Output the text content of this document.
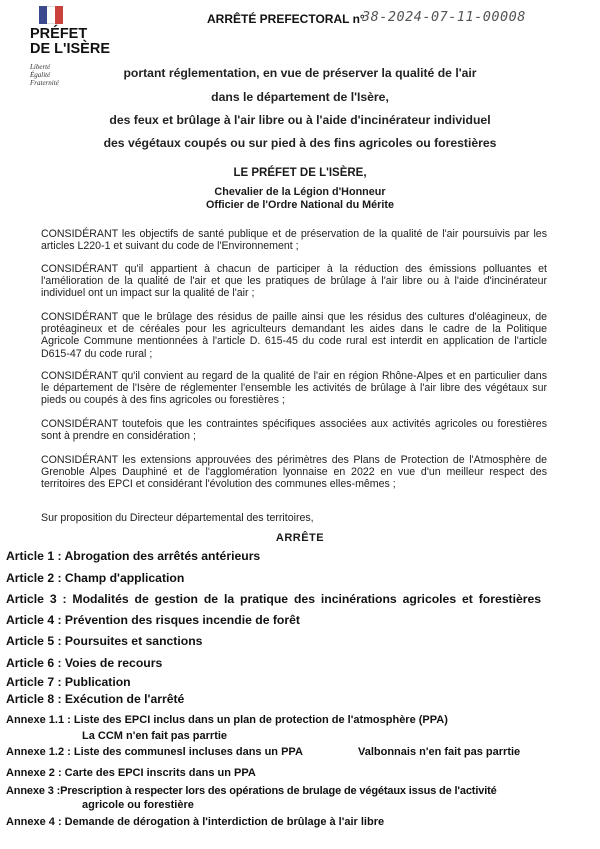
PRÉFET
DE L'ISÈRE
Liberté
Égalité
Fraternité
ARRÊTÉ PREFECTORAL n°
38-2024-07-11-00008
portant réglementation, en vue de préserver la qualité de l'air
dans le département de l'Isère,
des feux et brûlage à l'air libre ou à l'aide d'incinérateur individuel
des végétaux coupés ou sur pied à des fins agricoles ou forestières
LE PRÉFET DE L'ISÈRE,
Chevalier de la Légion d'Honneur
Officier de l'Ordre National du Mérite
CONSIDÉRANT les objectifs de santé publique et de préservation de la qualité de l'air poursuivis par les articles L220-1 et suivant du code de l'Environnement ;
CONSIDÉRANT qu'il appartient à chacun de participer à la réduction des émissions polluantes et l'amélioration de la qualité de l'air et que les pratiques de brûlage à l'air libre ou à l'aide d'incinérateur individuel ont un impact sur la qualité de l'air ;
CONSIDÉRANT que le brûlage des résidus de paille ainsi que les résidus des cultures d'oléagineux, de protéagineux et de céréales pour les agriculteurs demandant les aides dans le cadre de la Politique Agricole Commune mentionnées à l'article D. 615-45 du code rural est interdit en application de l'article D615-47 du code rural ;
CONSIDÉRANT qu'il convient au regard de la qualité de l'air en région Rhône-Alpes et en particulier dans le département de l'Isère de réglementer l'ensemble les activités de brûlage à l'air libre des végétaux sur pieds ou coupés à des fins agricoles ou forestières ;
CONSIDÉRANT toutefois que les contraintes spécifiques associées aux activités agricoles ou forestières sont à prendre en considération ;
CONSIDÉRANT les extensions approuvées des périmètres des Plans de Protection de l'Atmosphère de Grenoble Alpes Dauphiné et de l'agglomération lyonnaise en 2022 en vue d'un meilleur respect des territoires des EPCI et considérant l'évolution des communes elles-mêmes ;
Sur proposition du Directeur départemental des territoires,
ARRÊTE
Article 1 : Abrogation des arrêtés antérieurs
Article 2 : Champ d'application
Article 3 : Modalités de gestion de la pratique des incinérations agricoles et forestières
Article 4 : Prévention des risques incendie de forêt
Article 5 : Poursuites et sanctions
Article 6 : Voies de recours
Article 7 : Publication
Article 8 : Exécution de l'arrêté
Annexe 1.1 : Liste des EPCI inclus dans un plan de protection de l'atmosphère (PPA)
La CCM n'en fait pas parrtie
Annexe 1.2 : Liste des communesl incluses dans un PPA	Valbonnais n'en fait pas parrtie
Annexe 2 : Carte des EPCI inscrits dans un PPA
Annexe 3 :Prescription à respecter lors des opérations de brulage de végétaux issus de l'activité
agricole ou forestière
Annexe 4 : Demande de dérogation à l'interdiction de brûlage à l'air libre
